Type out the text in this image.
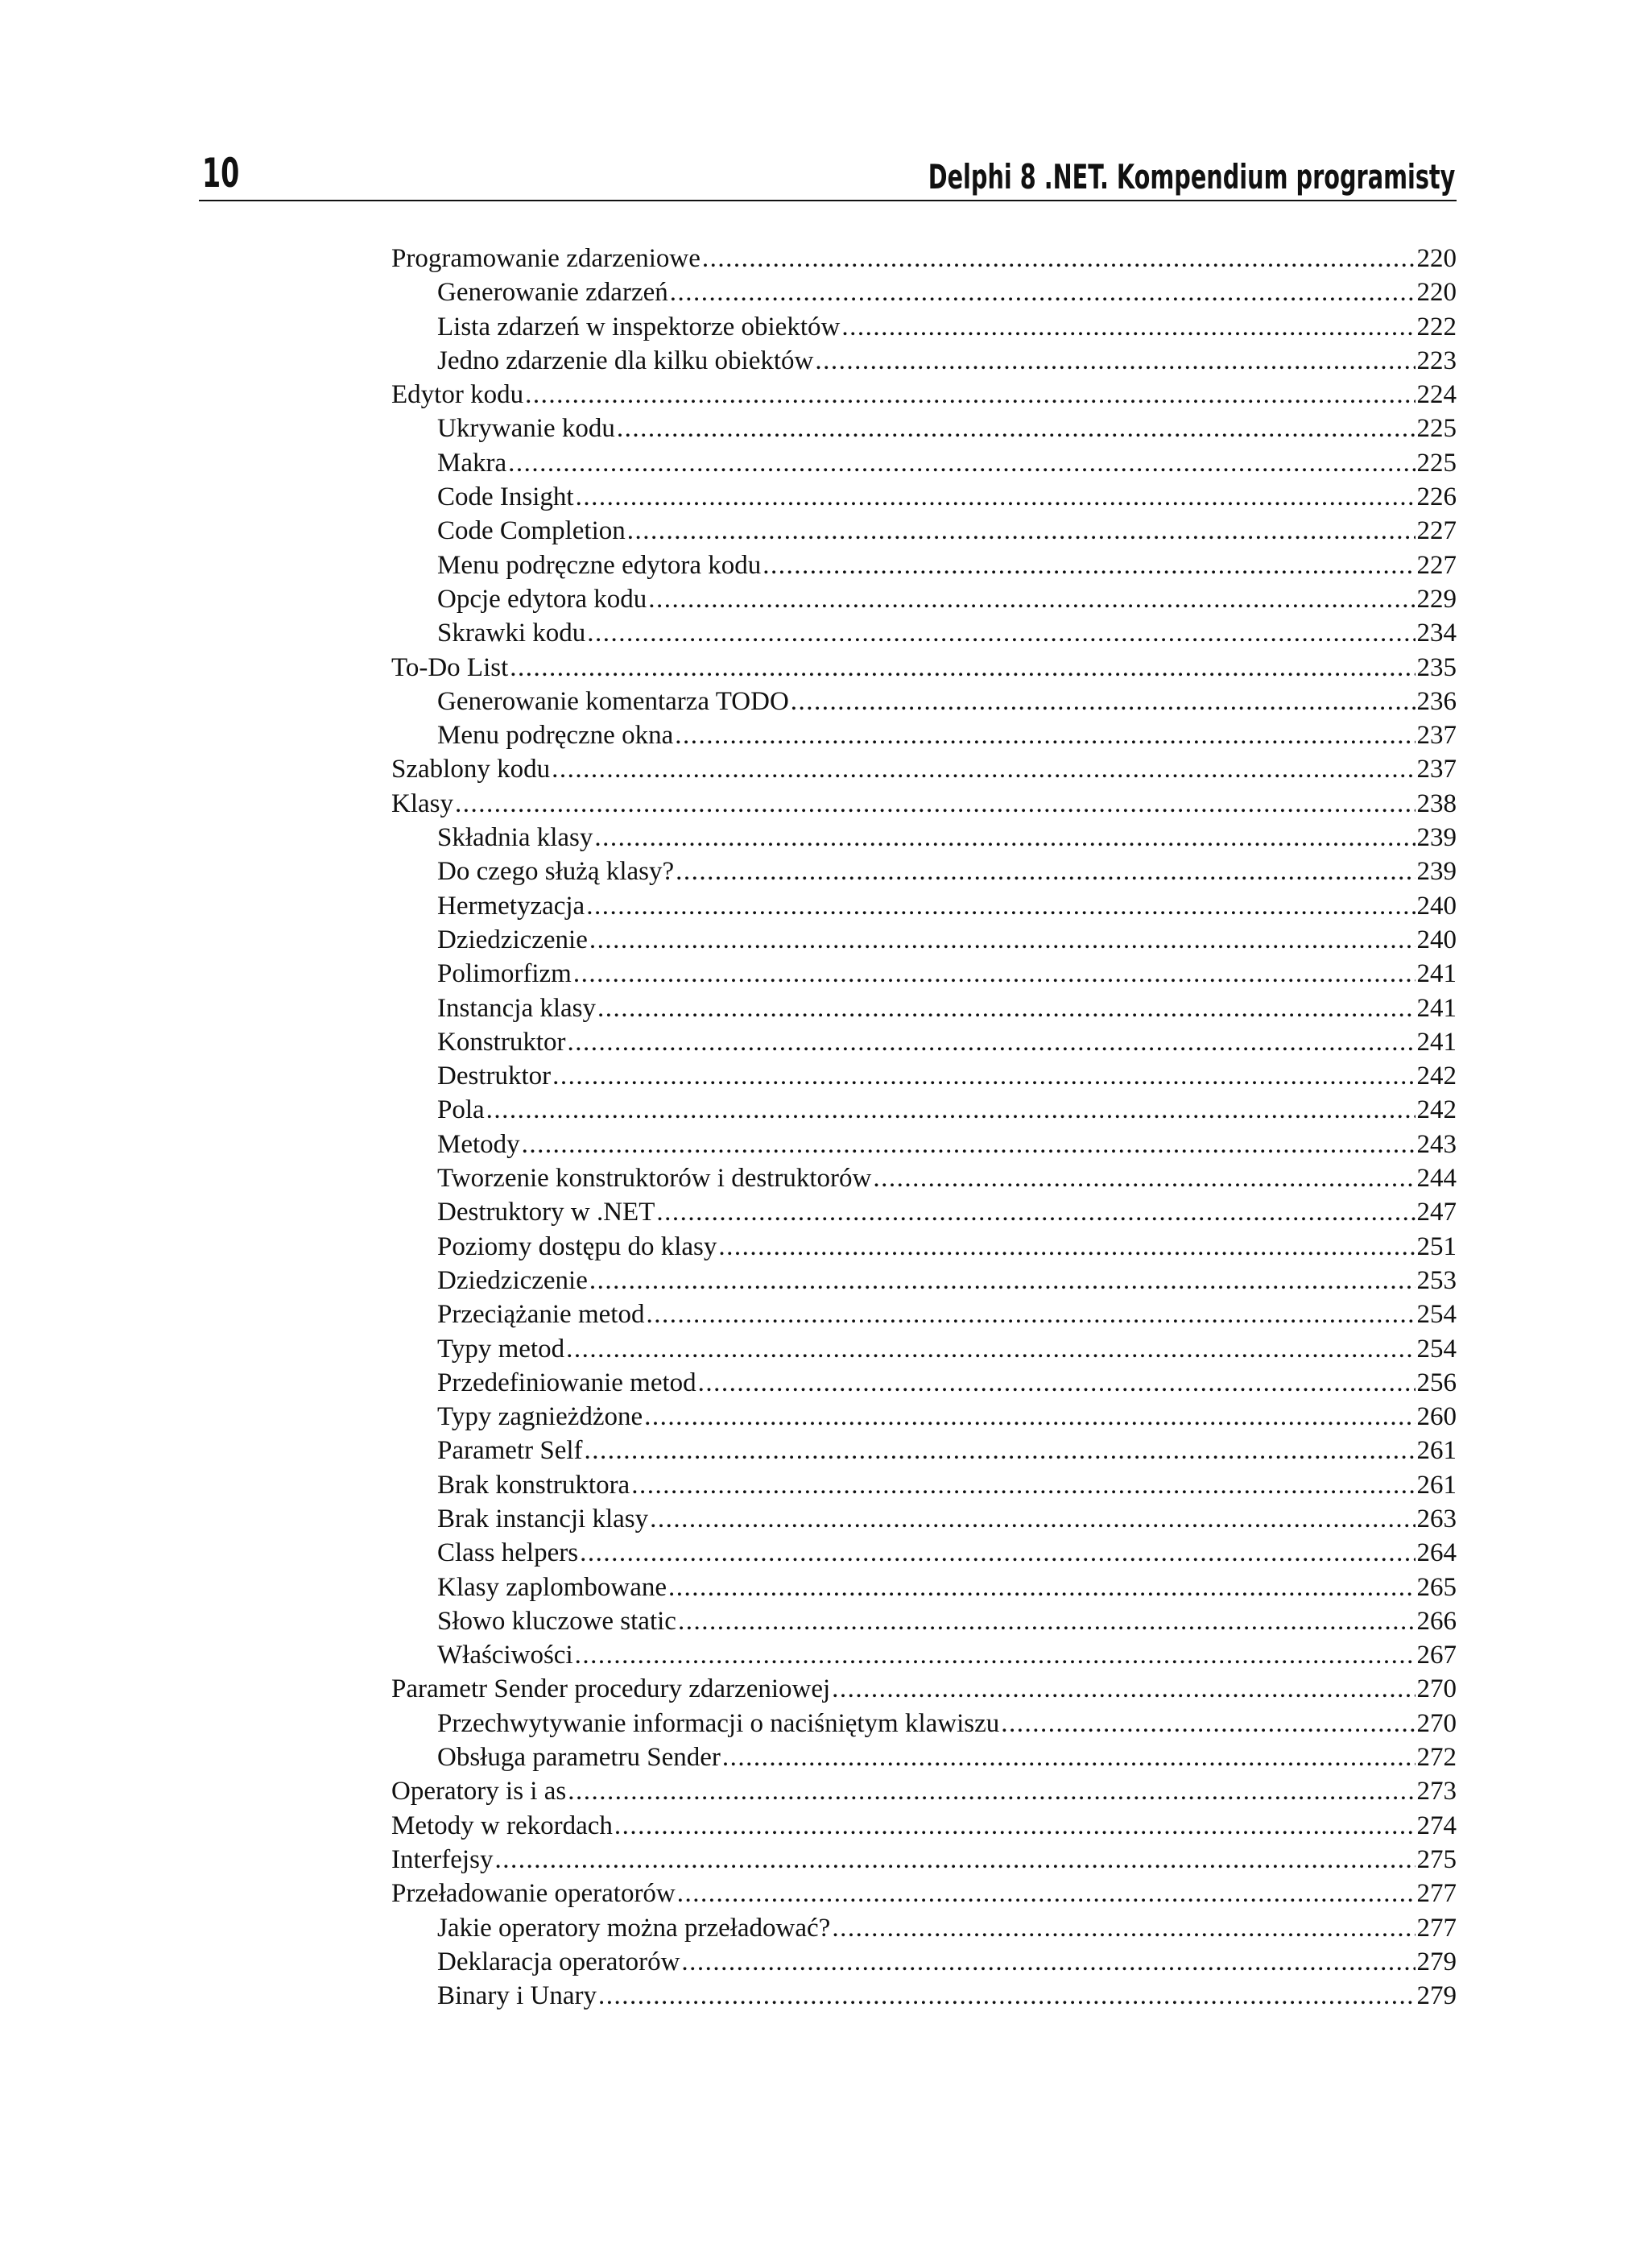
10	Delphi 8 .NET. Kompendium programisty
Programowanie zdarzeniowe .....	220
Generowanie zdarzeń .....	220
Lista zdarzeń w inspektorze obiektów .....	222
Jedno zdarzenie dla kilku obiektów .....	223
Edytor kodu .....	224
Ukrywanie kodu .....	225
Makra .....	225
Code Insight .....	226
Code Completion .....	227
Menu podręczne edytora kodu .....	227
Opcje edytora kodu .....	229
Skrawki kodu .....	234
To-Do List .....	235
Generowanie komentarza TODO .....	236
Menu podręczne okna .....	237
Szablony kodu .....	237
Klasy .....	238
Składnia klasy .....	239
Do czego służą klasy? .....	239
Hermetyzacja .....	240
Dziedziczenie .....	240
Polimorfizm .....	241
Instancja klasy .....	241
Konstruktor .....	241
Destruktor .....	242
Pola .....	242
Metody .....	243
Tworzenie konstruktorów i destruktorów .....	244
Destruktory w .NET .....	247
Poziomy dostępu do klasy .....	251
Dziedziczenie .....	253
Przeciążanie metod .....	254
Typy metod .....	254
Przedefiniowanie metod .....	256
Typy zagnieżdżone .....	260
Parametr Self .....	261
Brak konstruktora .....	261
Brak instancji klasy .....	263
Class helpers .....	264
Klasy zaplombowane .....	265
Słowo kluczowe static .....	266
Właściwości .....	267
Parametr Sender procedury zdarzeniowej .....	270
Przechwytywanie informacji o naciśniętym klawiszu .....	270
Obsługa parametru Sender .....	272
Operatory is i as .....	273
Metody w rekordach .....	274
Interfejsy .....	275
Przeładowanie operatorów .....	277
Jakie operatory można przeładować? .....	277
Deklaracja operatorów .....	279
Binary i Unary .....	279
